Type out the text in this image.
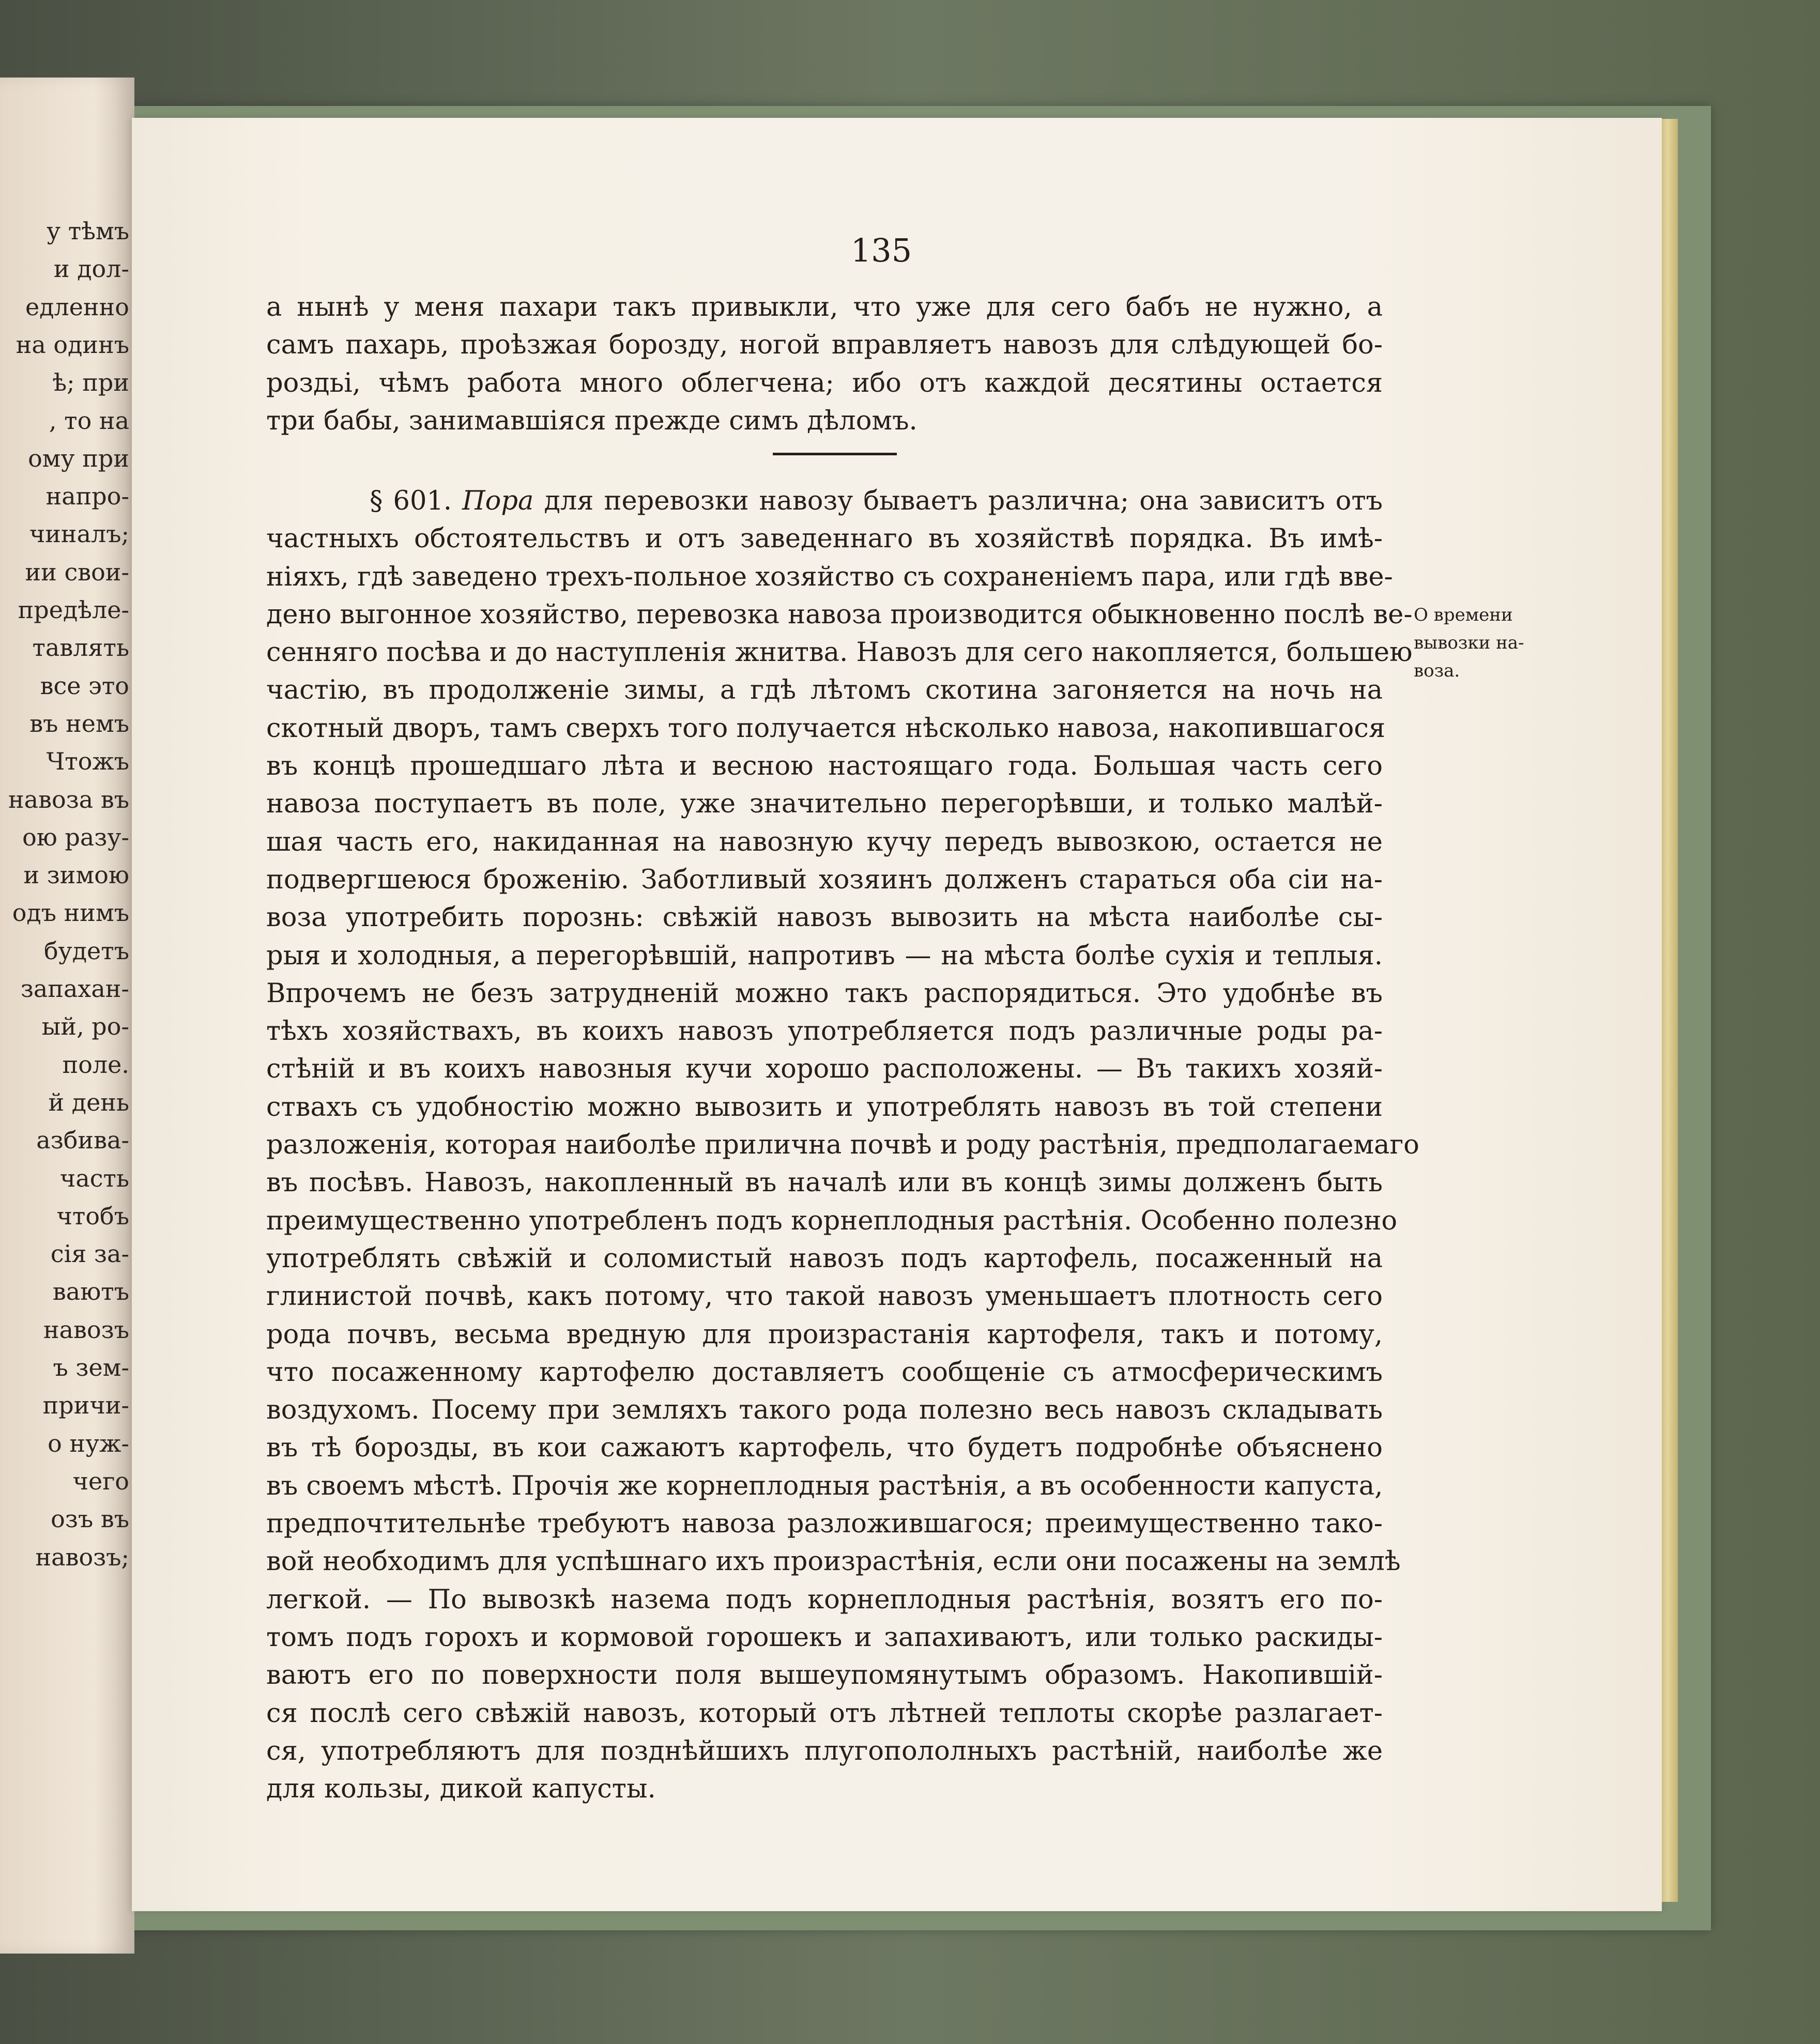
у тѣмъ
и дол-
едленно
на одинъ
ѣ; при
, то на
ому при
напро-
чиналъ;
ии свои-
предѣле-
тавлять
все это
въ немъ
Чтожъ
навоза въ
ою разу-
и зимою
одъ нимъ
будетъ
запахан-
ый, ро-
поле.
й день
азбива-
часть
чтобъ
сія за-
ваютъ
навозъ
ъ зем-
причи-
о нуж-
чего
озъ въ
навозъ;
135
а нынѣ у меня пахари такъ привыкли, что уже для сего бабъ не нужно, а
самъ пахарь, проѣзжая борозду, ногой вправляетъ навозъ для слѣдующей бо-
роздьі, чѣмъ работа много облегчена; ибо отъ каждой десятины остается
три бабы, занимавшіяся прежде симъ дѣломъ.
§ 601. Пора для перевозки навозу бываетъ различна; она зависитъ отъ
частныхъ обстоятельствъ и отъ заведеннаго въ хозяйствѣ порядка. Въ имѣ-
ніяхъ, гдѣ заведено трехъ-польное хозяйство съ сохраненіемъ пара, или гдѣ вве-
дено выгонное хозяйство, перевозка навоза производится обыкновенно послѣ ве-
сенняго посѣва и до наступленія жнитва. Навозъ для сего накопляется, большею
частію, въ продолженіе зимы, а гдѣ лѣтомъ скотина загоняется на ночь на
скотный дворъ, тамъ сверхъ того получается нѣсколько навоза, накопившагося
въ концѣ прошедшаго лѣта и весною настоящаго года. Большая часть сего
навоза поступаетъ въ поле, уже значительно перегорѣвши, и только малѣй-
шая часть его, накиданная на навозную кучу передъ вывозкою, остается не
подвергшеюся броженію. Заботливый хозяинъ долженъ стараться оба сіи на-
воза употребить порознь: свѣжій навозъ вывозить на мѣста наиболѣе сы-
рыя и холодныя, а перегорѣвшій, напротивъ — на мѣста болѣе сухія и теплыя.
Впрочемъ не безъ затрудненій можно такъ распорядиться. Это удобнѣе въ
тѣхъ хозяйствахъ, въ коихъ навозъ употребляется подъ различные роды ра-
стѣній и въ коихъ навозныя кучи хорошо расположены. — Въ такихъ хозяй-
ствахъ съ удобностію можно вывозить и употреблять навозъ въ той степени
разложенія, которая наиболѣе прилична почвѣ и роду растѣнія, предполагаемаго
въ посѣвъ. Навозъ, накопленный въ началѣ или въ концѣ зимы долженъ быть
преимущественно употребленъ подъ корнеплодныя растѣнія. Особенно полезно
употреблять свѣжій и соломистый навозъ подъ картофель, посаженный на
глинистой почвѣ, какъ потому, что такой навозъ уменьшаетъ плотность сего
рода почвъ, весьма вредную для произрастанія картофеля, такъ и потому,
что посаженному картофелю доставляетъ сообщеніе съ атмосферическимъ
воздухомъ. Посему при земляхъ такого рода полезно весь навозъ складывать
въ тѣ борозды, въ кои сажаютъ картофель, что будетъ подробнѣе объяснено
въ своемъ мѣстѣ. Прочія же корнеплодныя растѣнія, а въ особенности капуста,
предпочтительнѣе требуютъ навоза разложившагося; преимущественно тако-
вой необходимъ для успѣшнаго ихъ произрастѣнія, если они посажены на землѣ
легкой. — По вывозкѣ назема подъ корнеплодныя растѣнія, возятъ его по-
томъ подъ горохъ и кормовой горошекъ и запахиваютъ, или только раскиды-
ваютъ его по поверхности поля вышеупомянутымъ образомъ. Накопившій-
ся послѣ сего свѣжій навозъ, который отъ лѣтней теплоты скорѣе разлагает-
ся, употребляютъ для позднѣйшихъ плугопололныхъ растѣній, наиболѣе же
для кользы, дикой капусты.
О времени
вывозки на-
воза.
